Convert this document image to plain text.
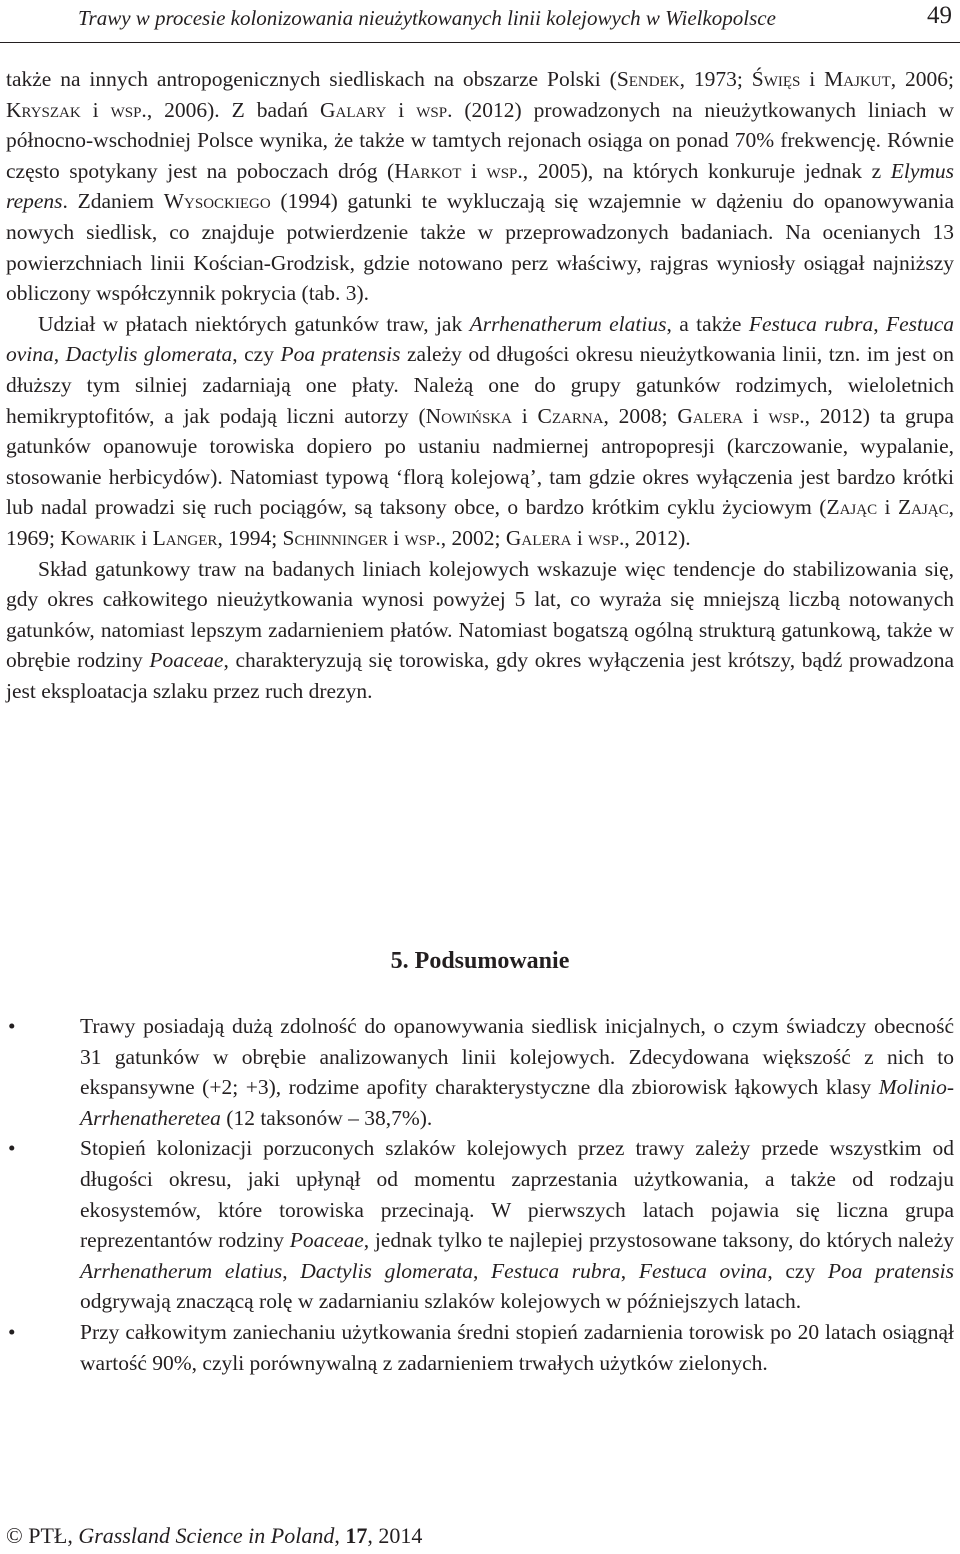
Trawy w procesie kolonizowania nieużytkowanych linii kolejowych w Wielkopolsce	49

także na innych antropogenicznych siedliskach na obszarze Polski (Sendek, 1973; Święs i Majkut, 2006; Kryszak i wsp., 2006). Z badań Galary i wsp. (2012) prowadzonych na nieużytkowanych liniach w północno-wschodniej Polsce wynika, że także w tamtych rejonach osiąga on ponad 70% frekwencję. Równie często spotykany jest na poboczach dróg (Harkot i wsp., 2005), na których konkuruje jednak z Elymus repens. Zdaniem Wysockiego (1994) gatunki te wykluczają się wzajemnie w dążeniu do opanowywania nowych siedlisk, co znajduje potwierdzenie także w przeprowadzonych badaniach. Na ocenianych 13 powierzchniach linii Kościan-Grodzisk, gdzie notowano perz właściwy, rajgras wyniosły osiągał najniższy obliczony współczynnik pokrycia (tab. 3).

Udział w płatach niektórych gatunków traw, jak Arrhenatherum elatius, a także Festuca rubra, Festuca ovina, Dactylis glomerata, czy Poa pratensis zależy od długości okresu nieużytkowania linii, tzn. im jest on dłuższy tym silniej zadarniają one płaty. Należą one do grupy gatunków rodzimych, wieloletnich hemikryptofitów, a jak podają liczni autorzy (Nowińska i Czarna, 2008; Galera i wsp., 2012) ta grupa gatunków opanowuje torowiska dopiero po ustaniu nadmiernej antropopresji (karczowanie, wypalanie, stosowanie herbicydów). Natomiast typową ‘florą kolejową’, tam gdzie okres wyłączenia jest bardzo krótki lub nadal prowadzi się ruch pociągów, są taksony obce, o bardzo krótkim cyklu życiowym (Zając i Zając, 1969; Kowarik i Langer, 1994; Schinninger i wsp., 2002; Galera i wsp., 2012).

Skład gatunkowy traw na badanych liniach kolejowych wskazuje więc tendencje do stabilizowania się, gdy okres całkowitego nieużytkowania wynosi powyżej 5 lat, co wyraża się mniejszą liczbą notowanych gatunków, natomiast lepszym zadarnieniem płatów. Natomiast bogatszą ogólną strukturą gatunkową, także w obrębie rodziny Poaceae, charakteryzują się torowiska, gdy okres wyłączenia jest krótszy, bądź prowadzona jest eksploatacja szlaku przez ruch drezyn.

5. Podsumowanie
•	Trawy posiadają dużą zdolność do opanowywania siedlisk inicjalnych, o czym świadczy obecność 31 gatunków w obrębie analizowanych linii kolejowych. Zdecydowana większość z nich to ekspansywne (+2; +3), rodzime apofity charakterystyczne dla zbiorowisk łąkowych klasy Molinio-Arrhenatheretea (12 taksonów – 38,7%).
•	Stopień kolonizacji porzuconych szlaków kolejowych przez trawy zależy przede wszystkim od długości okresu, jaki upłynął od momentu zaprzestania użytkowania, a także od rodzaju ekosystemów, które torowiska przecinają. W pierwszych latach pojawia się liczna grupa reprezentantów rodziny Poaceae, jednak tylko te najlepiej przystosowane taksony, do których należy Arrhenatherum elatius, Dactylis glomerata, Festuca rubra, Festuca ovina, czy Poa pratensis odgrywają znaczącą rolę w zadarnianiu szlaków kolejowych w późniejszych latach.
•	Przy całkowitym zaniechaniu użytkowania średni stopień zadarnienia torowisk po 20 latach osiągnął wartość 90%, czyli porównywalną z zadarnieniem trwałych użytków zielonych.
© PTŁ, Grassland Science in Poland, 17, 2014
